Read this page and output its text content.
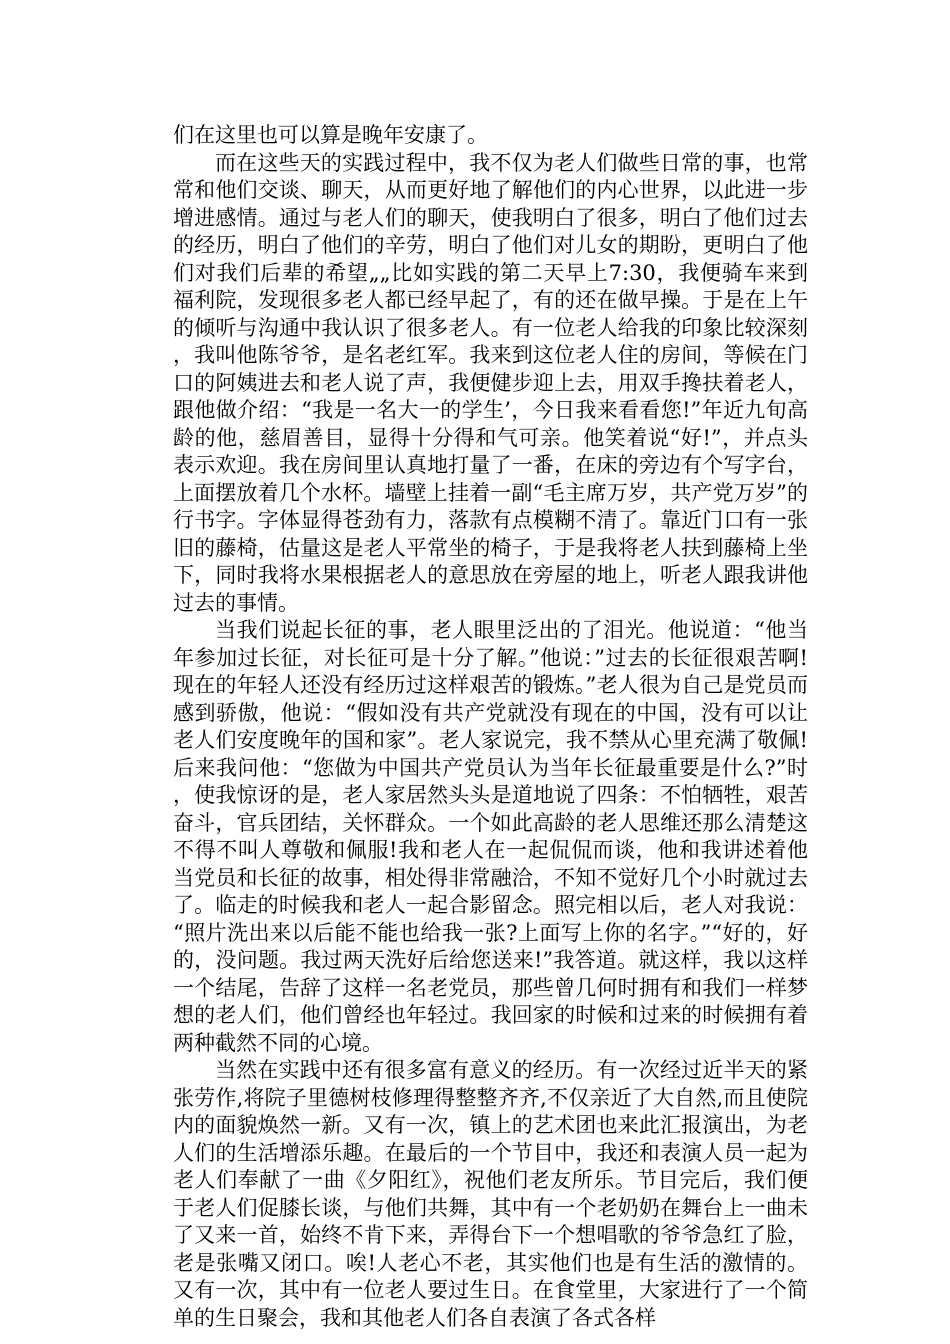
们在这里也可以算是晚年安康了。

而在这些天的实践过程中，我不仅为老人们做些日常的事，也常常和他们交谈、聊天，从而更好地了解他们的内心世界，以此进一步增进感情。通过与老人们的聊天，使我明白了很多，明白了他们过去的经历，明白了他们的辛劳，明白了他们对儿女的期盼，更明白了他们对我们后辈的希望„„比如实践的第二天早上7:30，我便骑车来到福利院，发现很多老人都已经早起了，有的还在做早操。于是在上午的倾听与沟通中我认识了很多老人。有一位老人给我的印象比较深刻，我叫他陈爷爷，是名老红军。我来到这位老人住的房间，等候在门口的阿姨进去和老人说了声，我便健步迎上去，用双手搀扶着老人，跟他做介绍：“我是一名大一的学生’，今日我来看看您!”年近九旬高龄的他，慈眉善目，显得十分得和气可亲。他笑着说“好!”，并点头表示欢迎。我在房间里认真地打量了一番，在床的旁边有个写字台，上面摆放着几个水杯。墙壁上挂着一副“毛主席万岁，共产党万岁”的行书字。字体显得苍劲有力，落款有点模糊不清了。靠近门口有一张旧的藤椅，估量这是老人平常坐的椅子，于是我将老人扶到藤椅上坐下，同时我将水果根据老人的意思放在旁屋的地上，听老人跟我讲他过去的事情。

当我们说起长征的事，老人眼里泛出的了泪光。他说道：“他当年参加过长征，对长征可是十分了解。”他说：”过去的长征很艰苦啊!现在的年轻人还没有经历过这样艰苦的锻炼。”老人很为自己是党员而感到骄傲，他说：“假如没有共产党就没有现在的中国，没有可以让老人们安度晚年的国和家”。老人家说完，我不禁从心里充满了敬佩!后来我问他：“您做为中国共产党员认为当年长征最重要是什么?”时，使我惊讶的是，老人家居然头头是道地说了四条：不怕牺牲，艰苦奋斗，官兵团结，关怀群众。一个如此高龄的老人思维还那么清楚这不得不叫人尊敬和佩服!我和老人在一起侃侃而谈，他和我讲述着他当党员和长征的故事，相处得非常融洽，不知不觉好几个小时就过去了。临走的时候我和老人一起合影留念。照完相以后，老人对我说：“照片洗出来以后能不能也给我一张?上面写上你的名字。”“好的，好的，没问题。我过两天洗好后给您送来!”我答道。就这样，我以这样一个结尾，告辞了这样一名老党员，那些曾几何时拥有和我们一样梦想的老人们，他们曾经也年轻过。我回家的时候和过来的时候拥有着两种截然不同的心境。

当然在实践中还有很多富有意义的经历。有一次经过近半天的紧张劳作,将院子里德树枝修理得整整齐齐,不仅亲近了大自然,而且使院内的面貌焕然一新。又有一次，镇上的艺术团也来此汇报演出，为老人们的生活增添乐趣。在最后的一个节目中，我还和表演人员一起为老人们奉献了一曲《夕阳红》，祝他们老友所乐。节目完后，我们便于老人们促膝长谈，与他们共舞，其中有一个老奶奶在舞台上一曲未了又来一首，始终不肯下来，弄得台下一个想唱歌的爷爷急红了脸，老是张嘴又闭口。唉!人老心不老，其实他们也是有生活的激情的。又有一次，其中有一位老人要过生日。在食堂里，大家进行了一个简单的生日聚会，我和其他老人们各自表演了各式各样
